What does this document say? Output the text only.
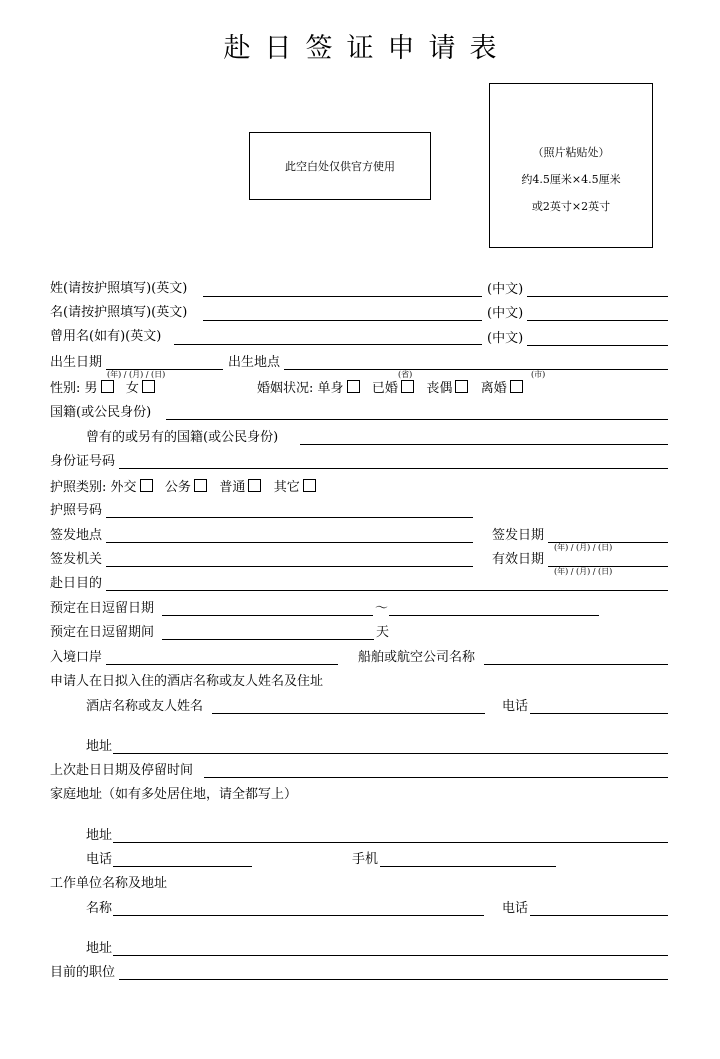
赴日签证申请表
此空白处仅供官方使用
（照片粘贴处）
约4.5厘米×4.5厘米
或2英寸×2英寸
姓(请按护照填写)(英文)	(中文)
名(请按护照填写)(英文)	(中文)
曾用名(如有)(英文)	(中文)
出生日期
(年) / (月) / (日)
出生地点
(省)	(市)
性别: 男 女	婚姻状况: 单身 已婚 丧偶 离婚
国籍(或公民身份)
曾有的或另有的国籍(或公民身份)
身份证号码
护照类别: 外交 公务 普通 其它
护照号码
签发地点	签发日期
(年) / (月) / (日)
签发机关	有效日期
(年) / (月) / (日)
赴日目的
预定在日逗留日期	～
预定在日逗留期间	天
入境口岸	船舶或航空公司名称
申请人在日拟入住的酒店名称或友人姓名及住址
酒店名称或友人姓名	电话
地址
上次赴日日期及停留时间
家庭地址（如有多处居住地，请全都写上）
地址
电话	手机
工作单位名称及地址
名称	电话
地址
目前的职位
